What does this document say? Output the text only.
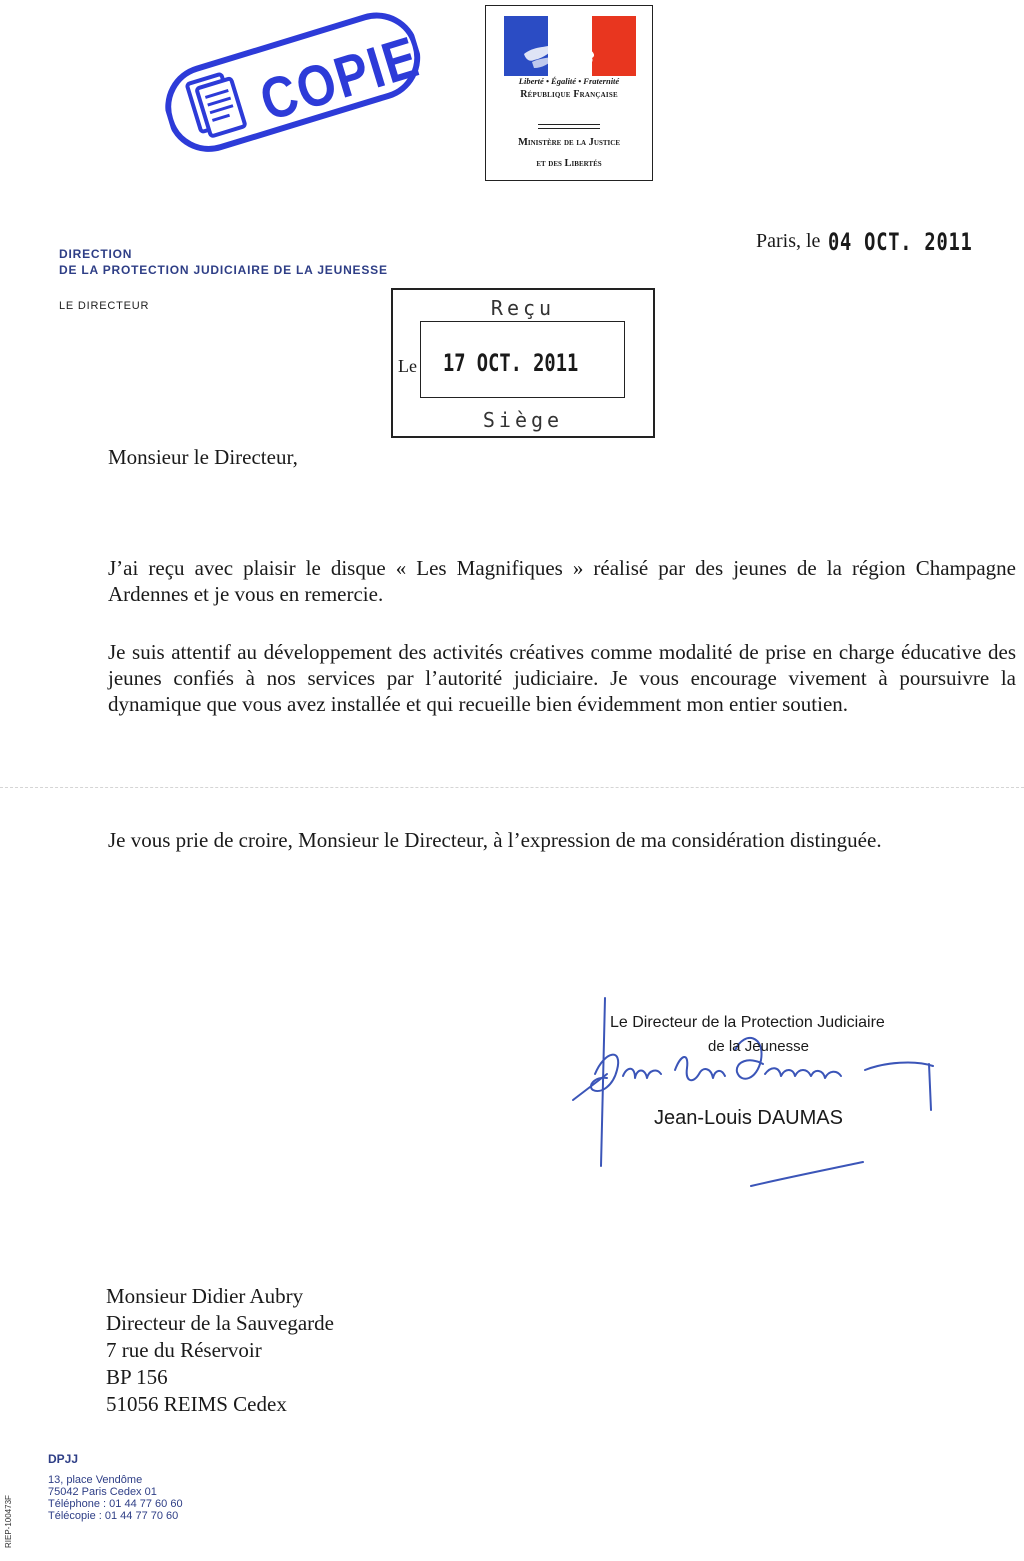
COPIE	Liberté • Égalité • Fraternité
République Française
Ministère de la Justice
et des Libertés
DIRECTION
DE LA PROTECTION JUDICIAIRE DE LA JEUNESSE
LE DIRECTEUR
Paris, le 04 OCT. 2011
Reçu
Le 17 OCT. 2011
Siège
Monsieur le Directeur,
J’ai reçu avec plaisir le disque « Les Magnifiques » réalisé par des jeunes de la région Champagne Ardennes et je vous en remercie.
Je suis attentif au développement des activités créatives comme modalité de prise en charge éducative des jeunes confiés à nos services par l’autorité judiciaire. Je vous encourage vivement à poursuivre la dynamique que vous avez installée et qui recueille bien évidemment mon entier soutien.
Je vous prie de croire, Monsieur le Directeur, à l’expression de ma considération distinguée.
Le Directeur de la Protection Judiciaire
de la Jeunesse
Jean-Louis DAUMAS
Monsieur Didier Aubry
Directeur de la Sauvegarde
7 rue du Réservoir
BP 156
51056 REIMS Cedex
DPJJ
13, place Vendôme
75042 Paris Cedex 01
Téléphone : 01 44 77 60 60
Télécopie : 01 44 77 70 60
RIEP-100473F
